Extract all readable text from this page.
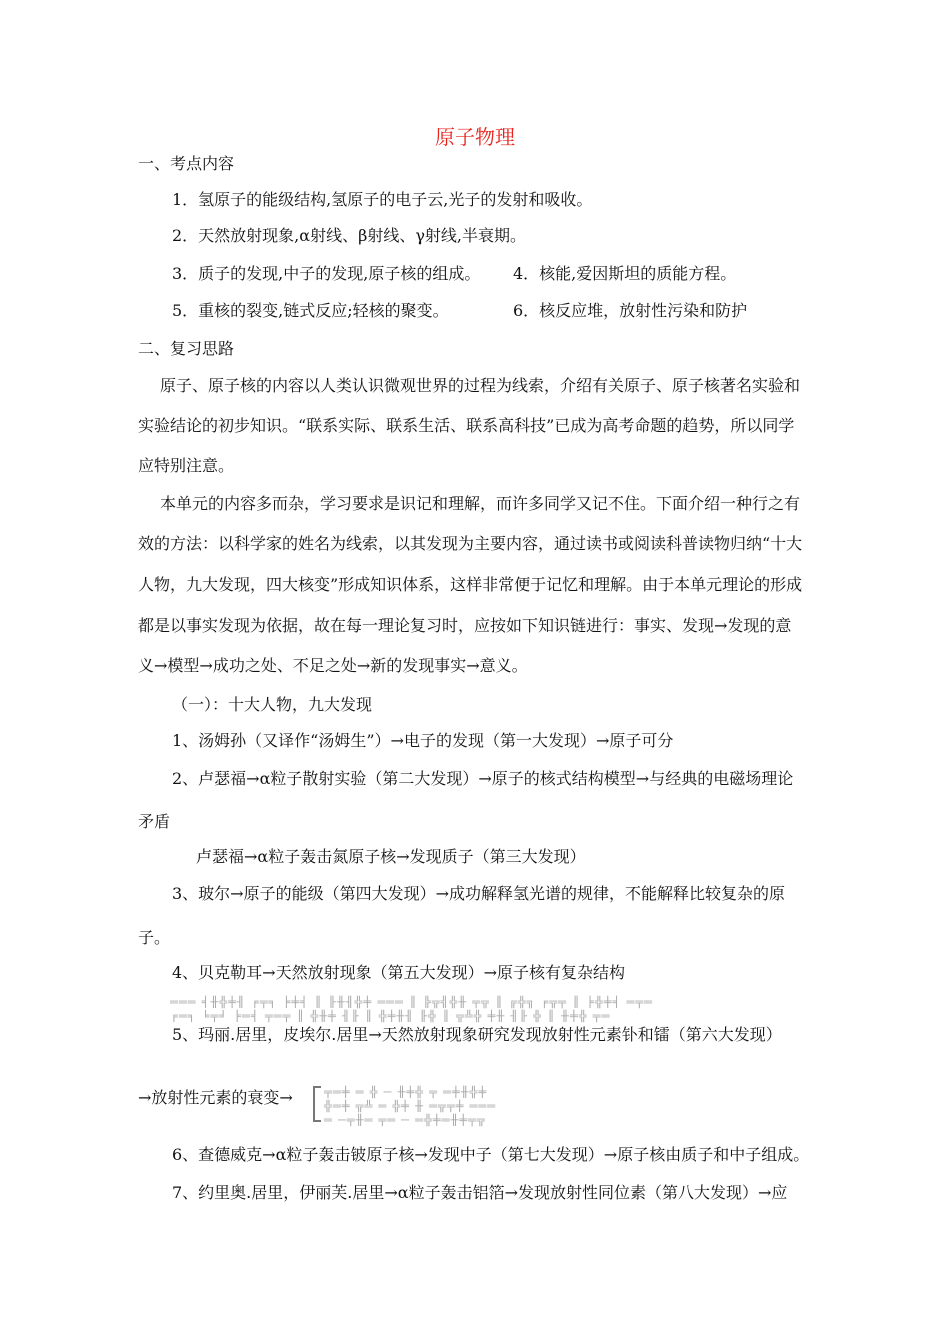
原子物理
一、考点内容
1．氢原子的能级结构,氢原子的电子云,光子的发射和吸收。
2．天然放射现象,α射线、β射线、γ射线,半衰期。
3．质子的发现,中子的发现,原子核的组成。 4．核能,爱因斯坦的质能方程。
5．重核的裂变,链式反应;轻核的聚变。	6．核反应堆，放射性污染和防护
二、复习思路
原子、原子核的内容以人类认识微观世界的过程为线索，介绍有关原子、原子核著名实验和
实验结论的初步知识。“联系实际、联系生活、联系高科技”已成为高考命题的趋势，所以同学
应特别注意。
本单元的内容多而杂，学习要求是识记和理解，而许多同学又记不住。下面介绍一种行之有
效的方法：以科学家的姓名为线索，以其发现为主要内容，通过读书或阅读科普读物归纳“十大
人物，九大发现，四大核变”形成知识体系，这样非常便于记忆和理解。由于本单元理论的形成
都是以事实发现为依据，故在每一理论复习时，应按如下知识链进行：事实、发现→发现的意
义→模型→成功之处、不足之处→新的发现事实→意义。
（一）：十大人物，九大发现
1、汤姆孙（又译作“汤姆生”）→电子的发现（第一大发现）→原子可分
2、卢瑟福→α粒子散射实验（第二大发现）→原子的核式结构模型→与经典的电磁场理论
矛盾
卢瑟福→α粒子轰击氮原子核→发现质子（第三大发现）
3、玻尔→原子的能级（第四大发现）→成功解释氢光谱的规律，不能解释比较复杂的原
子。
4、贝克勒耳→天然放射现象（第五大发现）→原子核有复杂结构
═══ ╡╫╬╪╢ ╒╤╕ ╞╪╡ ║ ╟╫╢╬╪ ═══ ║ ╠╦╣╬╫ ╤╦ ║ ╔╬╗ ╒╦╤ ║ ╞╬╪╡ ═╤═
╒═╕ ╘╤╛ ╞═╡ ╤═╤ ║ ╬╫╪ ╢╟ ║ ╬╪╫╢ ╟╬ ║ ╦╩╬ ╪╫ ╢╟ ╬ ║ ╫╪╬ ╤═
5、玛丽.居里，皮埃尔.居里→天然放射现象研究发现放射性元素钋和镭（第六大发现）
→放射性元素的衰变→ ╤═╪ ═ ╬ ─ ╫╪╬ ╤ ═╪╫╬╪
╬═╪ ╦╩ ═ ╬╪ ╫ ═╦╤╪ ═══
═ ─╤╫═ ╤═ ─ ═╬╪═╫╪╤╦
6、查德威克→α粒子轰击铍原子核→发现中子（第七大发现）→原子核由质子和中子组成。
7、约里奥.居里，伊丽芙.居里→α粒子轰击铝箔→发现放射性同位素（第八大发现）→应
